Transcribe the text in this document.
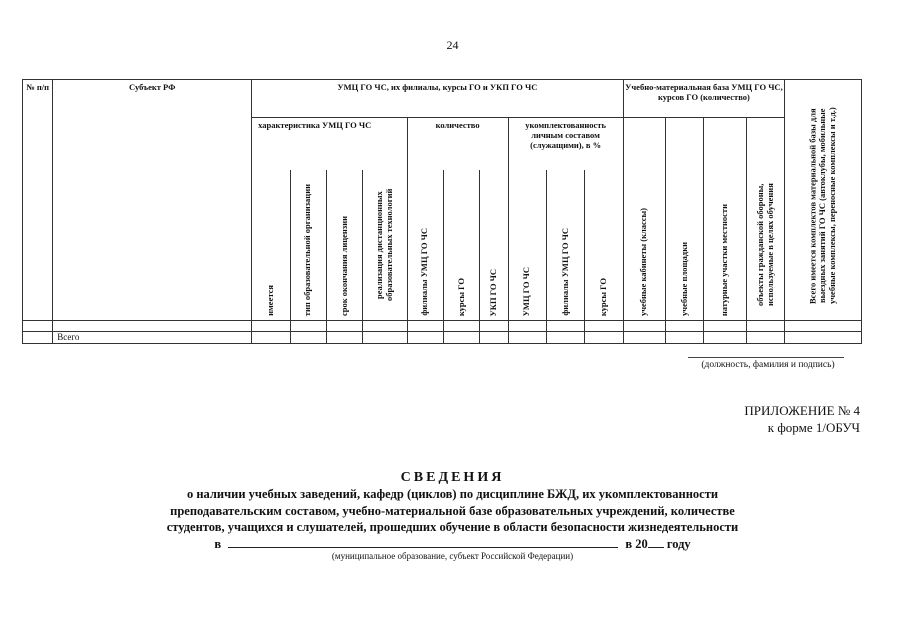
24
№ п/п	Субъект РФ	УМЦ ГО ЧС, их филиалы, курсы ГО и УКП ГО ЧС										Учебно-материальная база УМЦ ГО ЧС, курсов ГО (количество)				Всего имеется комплектов материальной базы для выездных занятий ГО ЧС (автоклубы, мобильные учебные комплексы, переносные комплексы и т.д.)

		характеристика УМЦ ГО ЧС				количество			укомплектованность личным составом (служащими), в %			учебные кабинеты (классы)	учебные площадки	натурные участки местности	объекты гражданской обороны, используемые в целях обучения	

		имеется	тип образовательной организации	срок окончания лицензии	реализация дистанционных образовательных технологий	филиалы УМЦ ГО ЧС	курсы ГО	УКП ГО ЧС	УМЦ ГО ЧС	филиалы УМЦ ГО ЧС	курсы ГО					

	Всего															
(должность, фамилия и подпись)
ПРИЛОЖЕНИЕ № 4
к форме 1/ОБУЧ
СВЕДЕНИЯ
о наличии учебных заведений, кафедр (циклов) по дисциплине БЖД, их укомплектованности
преподавательским составом, учебно-материальной базе образовательных учреждений, количестве
студентов, учащихся и слушателей, прошедших обучение в области безопасности жизнедеятельности
в	в 20 году
(муниципальное образование, субъект Российской Федерации)
